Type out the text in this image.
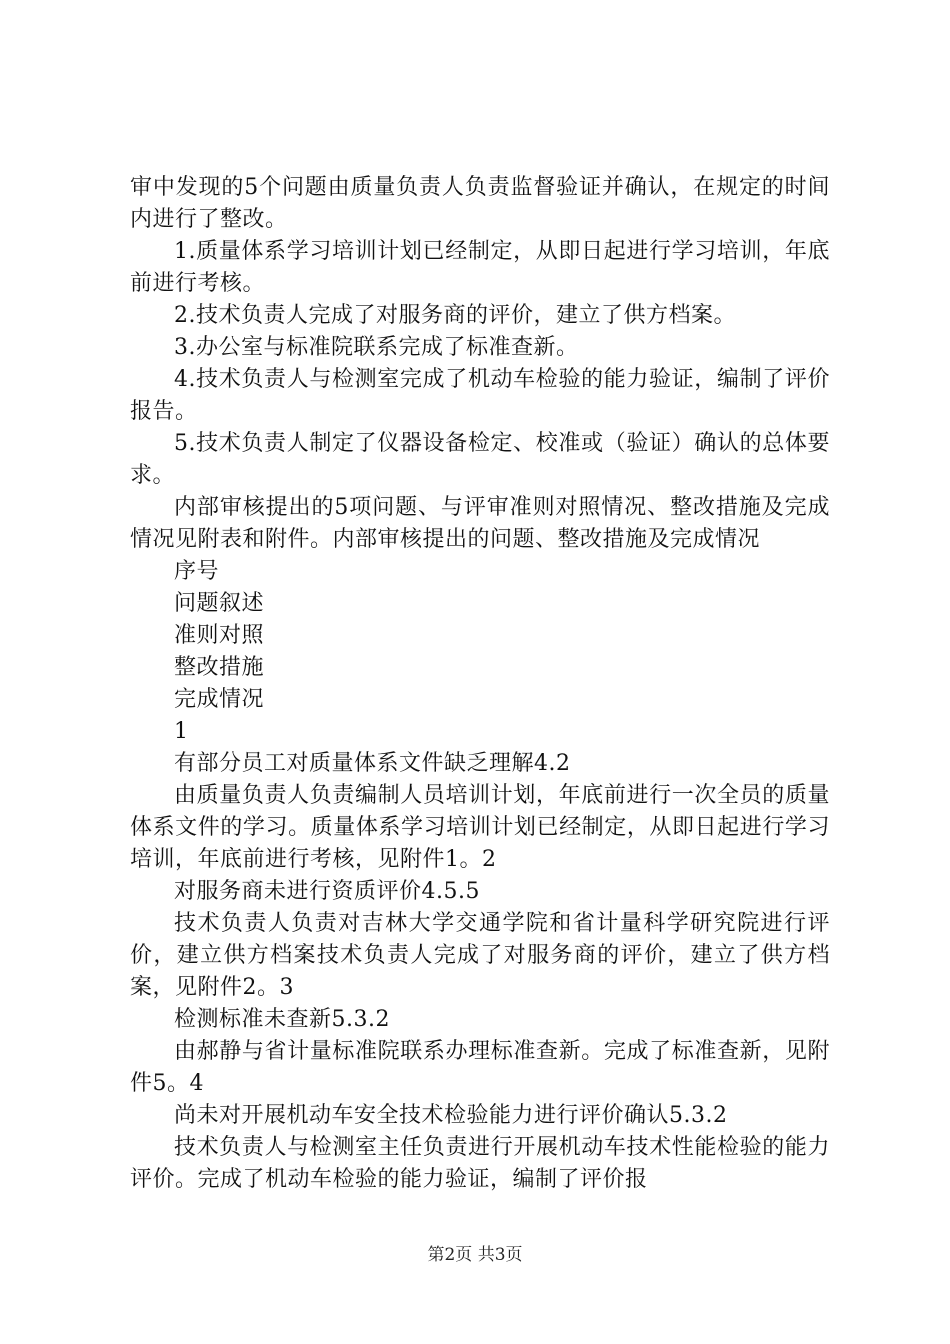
审中发现的5个问题由质量负责人负责监督验证并确认，在规定的时间内进行了整改。

1.质量体系学习培训计划已经制定，从即日起进行学习培训，年底前进行考核。

2.技术负责人完成了对服务商的评价，建立了供方档案。

3.办公室与标准院联系完成了标准查新。

4.技术负责人与检测室完成了机动车检验的能力验证，编制了评价报告。

5.技术负责人制定了仪器设备检定、校准或（验证）确认的总体要求。

内部审核提出的5项问题、与评审准则对照情况、整改措施及完成情况见附表和附件。内部审核提出的问题、整改措施及完成情况

序号

问题叙述

准则对照

整改措施

完成情况

1

有部分员工对质量体系文件缺乏理解4.2

由质量负责人负责编制人员培训计划，年底前进行一次全员的质量体系文件的学习。质量体系学习培训计划已经制定，从即日起进行学习培训，年底前进行考核，见附件1。2

对服务商未进行资质评价4.5.5

技术负责人负责对吉林大学交通学院和省计量科学研究院进行评价，建立供方档案技术负责人完成了对服务商的评价，建立了供方档案，见附件2。3

检测标准未查新5.3.2

由郝静与省计量标准院联系办理标准查新。完成了标准查新，见附件5。4

尚未对开展机动车安全技术检验能力进行评价确认5.3.2

技术负责人与检测室主任负责进行开展机动车技术性能检验的能力评价。完成了机动车检验的能力验证，编制了评价报

第2页 共3页
